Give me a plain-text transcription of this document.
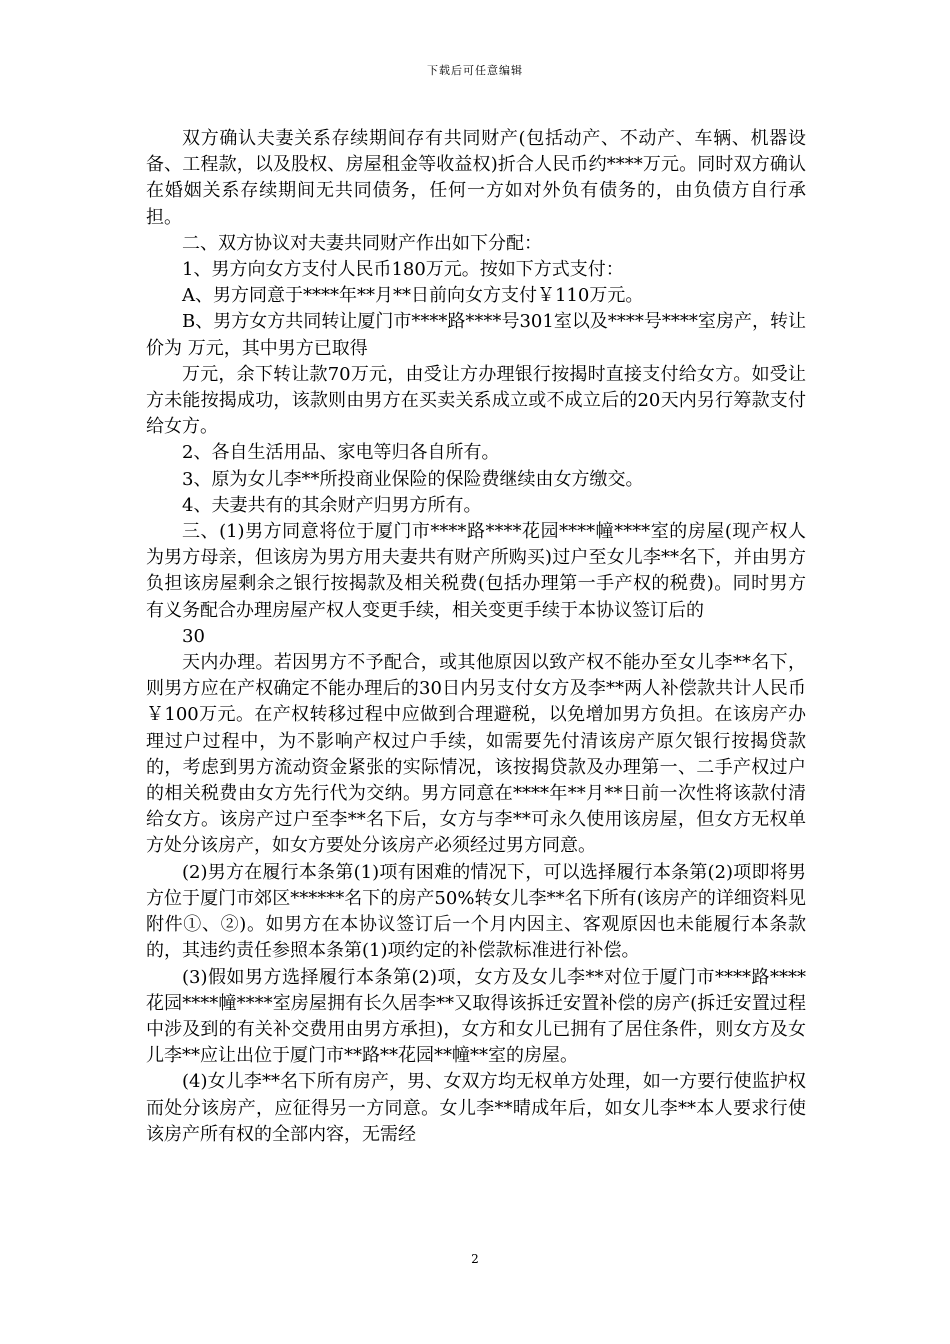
下载后可任意编辑

双方确认夫妻关系存续期间存有共同财产(包括动产、不动产、车辆、机器设备、工程款，以及股权、房屋租金等收益权)折合人民币约****万元。同时双方确认在婚姻关系存续期间无共同债务，任何一方如对外负有债务的，由负债方自行承担。

二、双方协议对夫妻共同财产作出如下分配：

1、男方向女方支付人民币180万元。按如下方式支付：

A、男方同意于****年**月**日前向女方支付￥110万元。

B、男方女方共同转让厦门市****路****号301室以及****号****室房产，转让价为 万元，其中男方已取得

万元，余下转让款70万元，由受让方办理银行按揭时直接支付给女方。如受让方未能按揭成功，该款则由男方在买卖关系成立或不成立后的20天内另行筹款支付给女方。

2、各自生活用品、家电等归各自所有。

3、原为女儿李**所投商业保险的保险费继续由女方缴交。

4、夫妻共有的其余财产归男方所有。

三、(1)男方同意将位于厦门市****路****花园****幢****室的房屋(现产权人为男方母亲，但该房为男方用夫妻共有财产所购买)过户至女儿李**名下，并由男方负担该房屋剩余之银行按揭款及相关税费(包括办理第一手产权的税费)。同时男方有义务配合办理房屋产权人变更手续，相关变更手续于本协议签订后的

30

天内办理。若因男方不予配合，或其他原因以致产权不能办至女儿李**名下，则男方应在产权确定不能办理后的30日内另支付女方及李**两人补偿款共计人民币￥100万元。在产权转移过程中应做到合理避税，以免增加男方负担。在该房产办理过户过程中，为不影响产权过户手续，如需要先付清该房产原欠银行按揭贷款的，考虑到男方流动资金紧张的实际情况，该按揭贷款及办理第一、二手产权过户的相关税费由女方先行代为交纳。男方同意在****年**月**日前一次性将该款付清给女方。该房产过户至李**名下后，女方与李**可永久使用该房屋，但女方无权单方处分该房产，如女方要处分该房产必须经过男方同意。

(2)男方在履行本条第(1)项有困难的情况下，可以选择履行本条第(2)项即将男方位于厦门市郊区******名下的房产50%转女儿李**名下所有(该房产的详细资料见附件①、②)。如男方在本协议签订后一个月内因主、客观原因也未能履行本条款的，其违约责任参照本条第(1)项约定的补偿款标准进行补偿。

(3)假如男方选择履行本条第(2)项，女方及女儿李**对位于厦门市****路****花园****幢****室房屋拥有长久居李**又取得该拆迁安置补偿的房产(拆迁安置过程中涉及到的有关补交费用由男方承担)，女方和女儿已拥有了居住条件，则女方及女儿李**应让出位于厦门市**路**花园**幢**室的房屋。

(4)女儿李**名下所有房产，男、女双方均无权单方处理，如一方要行使监护权而处分该房产，应征得另一方同意。女儿李**晴成年后，如女儿李**本人要求行使该房产所有权的全部内容，无需经

2
